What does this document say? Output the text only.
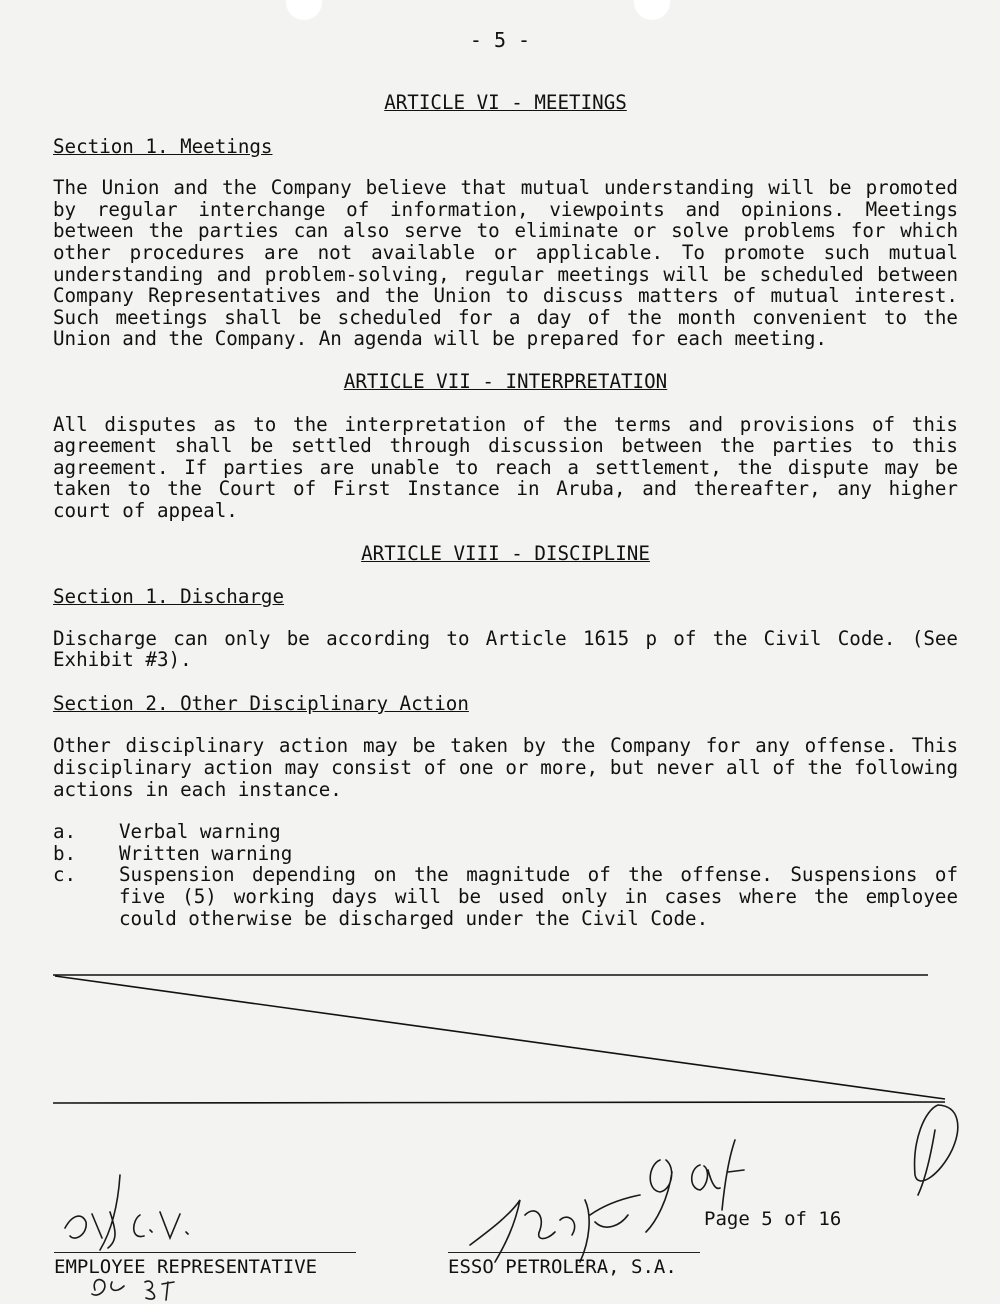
- 5 -

ARTICLE VI - MEETINGS

Section 1. Meetings

The Union and the Company believe that mutual understanding will be promoted by regular interchange of information, viewpoints and opinions. Meetings between the parties can also serve to eliminate or solve problems for which other procedures are not available or applicable. To promote such mutual understanding and problem-solving, regular meetings will be scheduled between Company Representatives and the Union to discuss matters of mutual interest. Such meetings shall be scheduled for a day of the month convenient to the Union and the Company. An agenda will be prepared for each meeting.

ARTICLE VII - INTERPRETATION

All disputes as to the interpretation of the terms and provisions of this agreement shall be settled through discussion between the parties to this agreement. If parties are unable to reach a settlement, the dispute may be taken to the Court of First Instance in Aruba, and thereafter, any higher court of appeal.

ARTICLE VIII - DISCIPLINE

Section 1. Discharge

Discharge can only be according to Article 1615 p of the Civil Code. (See Exhibit #3).

Section 2. Other Disciplinary Action

Other disciplinary action may be taken by the Company for any offense. This disciplinary action may consist of one or more, but never all of the following actions in each instance.

a.	Verbal warning
b.	Written warning
c.	Suspension depending on the magnitude of the offense. Suspensions of five (5) working days will be used only in cases where the employee could otherwise be discharged under the Civil Code.
Page 5 of 16
EMPLOYEE REPRESENTATIVE	ESSO PETROLERA, S.A.
